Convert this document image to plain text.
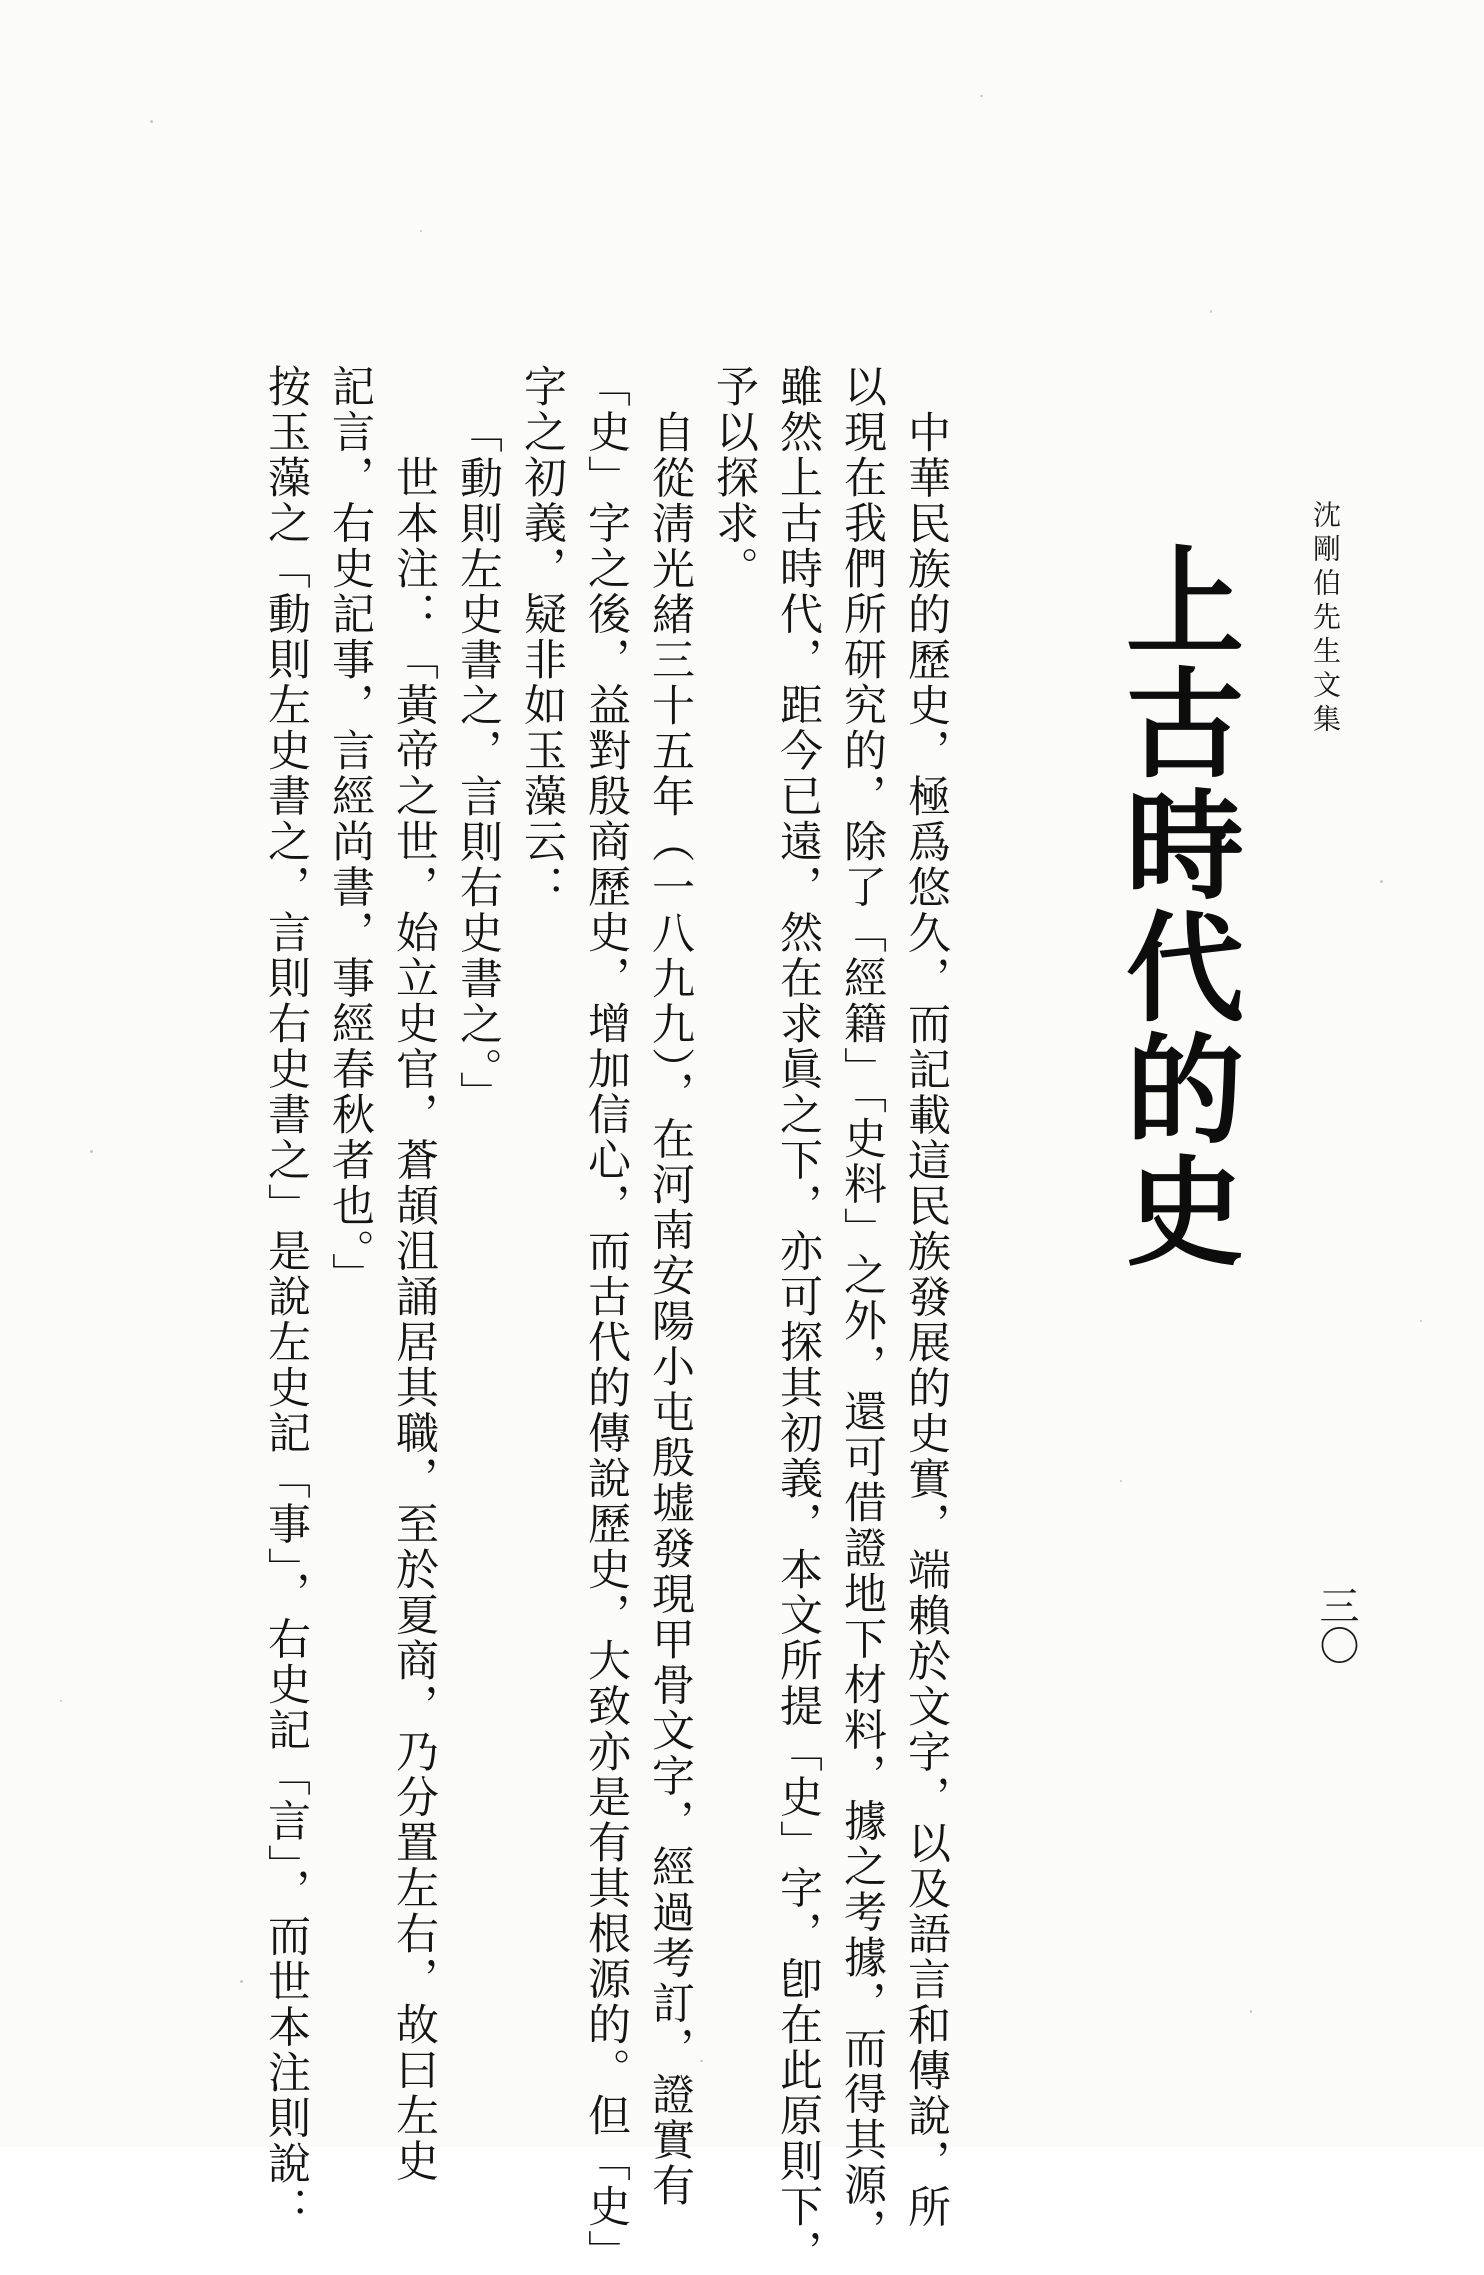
沈剛伯先生文集
三〇
上古時代的史
中華民族的歷史，極爲悠久，而記載這民族發展的史實，端賴於文字，以及語言和傳說，所
以現在我們所研究的，除了「經籍」「史料」之外，還可借證地下材料，據之考據，而得其源，
雖然上古時代，距今已遠，然在求眞之下，亦可探其初義，本文所提「史」字，卽在此原則下，
予以探求。
自從淸光緒三十五年（一八九九），在河南安陽小屯殷墟發現甲骨文字，經過考訂，證實有
「史」字之後，益對殷商歷史，增加信心，而古代的傳說歷史，大致亦是有其根源的。但「史」
字之初義，疑非如玉藻云：
「動則左史書之，言則右史書之。」
世本注：「黃帝之世，始立史官，蒼頡沮誦居其職，至於夏商，乃分置左右，故曰左史
記言，右史記事，言經尚書，事經春秋者也。」
按玉藻之「動則左史書之，言則右史書之」是說左史記「事」，右史記「言」，而世本注則說：
